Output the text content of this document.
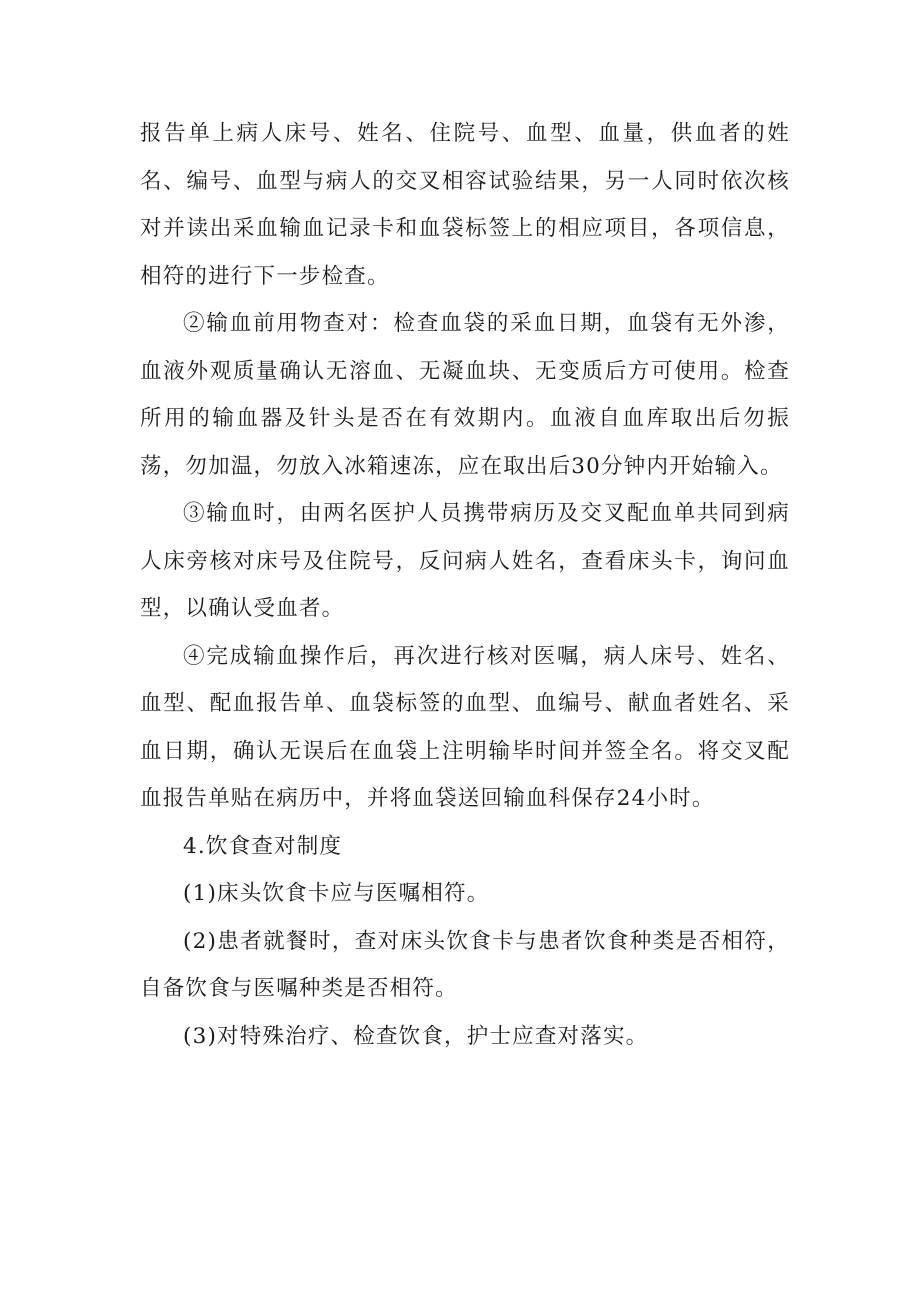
报告单上病人床号、姓名、住院号、血型、血量，供血者的姓名、编号、血型与病人的交叉相容试验结果，另一人同时依次核对并读出采血输血记录卡和血袋标签上的相应项目，各项信息，相符的进行下一步检查。

②输血前用物查对：检查血袋的采血日期，血袋有无外渗，血液外观质量确认无溶血、无凝血块、无变质后方可使用。检查所用的输血器及针头是否在有效期内。血液自血库取出后勿振荡，勿加温，勿放入冰箱速冻，应在取出后30分钟内开始输入。

③输血时，由两名医护人员携带病历及交叉配血单共同到病人床旁核对床号及住院号，反问病人姓名，查看床头卡，询问血型，以确认受血者。

④完成输血操作后，再次进行核对医嘱，病人床号、姓名、血型、配血报告单、血袋标签的血型、血编号、献血者姓名、采血日期，确认无误后在血袋上注明输毕时间并签全名。将交叉配血报告单贴在病历中，并将血袋送回输血科保存24小时。

4.饮食查对制度

(1)床头饮食卡应与医嘱相符。

(2)患者就餐时，查对床头饮食卡与患者饮食种类是否相符，自备饮食与医嘱种类是否相符。

(3)对特殊治疗、检查饮食，护士应查对落实。
